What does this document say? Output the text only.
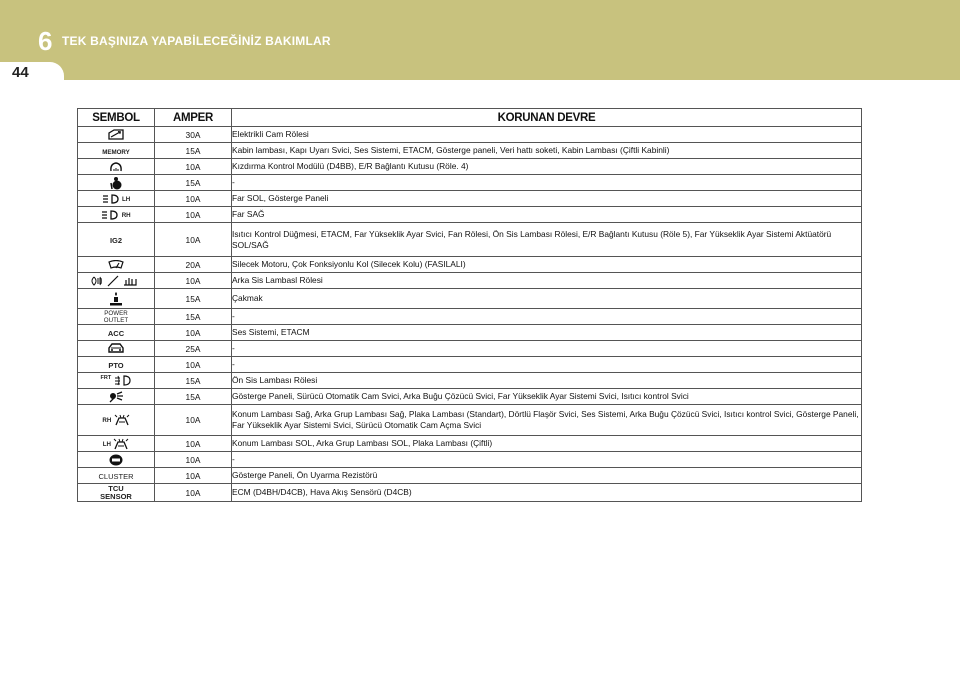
6 TEK BAŞINIZA YAPABİLECEĞİNİZ BAKIMLAR
44
SEMBOL	AMPER	KORUNAN DEVRE
	30A	Elektrikli Cam Rölesi
MEMORY	15A	Kabin lambası, Kapı Uyarı Svici, Ses Sistemi, ETACM, Gösterge paneli, Veri hattı soketi, Kabin Lambası (Çiftli Kabinli)
	10A	Kızdırma Kontrol Modülü (D4BB), E/R Bağlantı Kutusu (Röle. 4)
	15A	-
LH	10A	Far SOL, Gösterge Paneli
RH	10A	Far SAĞ
IG2	10A	Isıtıcı Kontrol Düğmesi, ETACM, Far Yükseklik Ayar Svici, Fan Rölesi, Ön Sis Lambası Rölesi, E/R Bağlantı Kutusu (Röle 5), Far Yükseklik Ayar Sistemi Aktüatörü SOL/SAĞ
	20A	Silecek Motoru, Çok Fonksiyonlu Kol (Silecek Kolu) (FASILALI)
	10A	Arka Sis Lambasl Rölesi
	15A	Çakmak

POWER OUTLET	15A	-
ACC	10A	Ses Sistemi, ETACM
	25A	-
PTO	10A	-
$^{FRT}$	15A	Ön Sis Lambası Rölesi
	15A	Gösterge Paneli, Sürücü Otomatik Cam Svici, Arka Buğu Çözücü Svici, Far Yükseklik Ayar Sistemi Svici, Isıtıcı kontrol Svici
RH	10A	Konum Lambası Sağ, Arka Grup Lambası Sağ, Plaka Lambası (Standart), Dörtlü Flaşör Svici, Ses Sistemi, Arka Buğu Çözücü Svici, Isıtıcı kontrol Svici, Gösterge Paneli, Far Yükseklik Ayar Sistemi Svici, Sürücü Otomatik Cam Açma Svici
LH	10A	Konum Lambası SOL, Arka Grup Lambası SOL, Plaka Lambası (Çiftli)
	10A	-
CLUSTER	10A	Gösterge Paneli, Ön Uyarma Rezistörü

TCU SENSOR	10A	ECM (D4BH/D4CB), Hava Akış Sensörü (D4CB)
